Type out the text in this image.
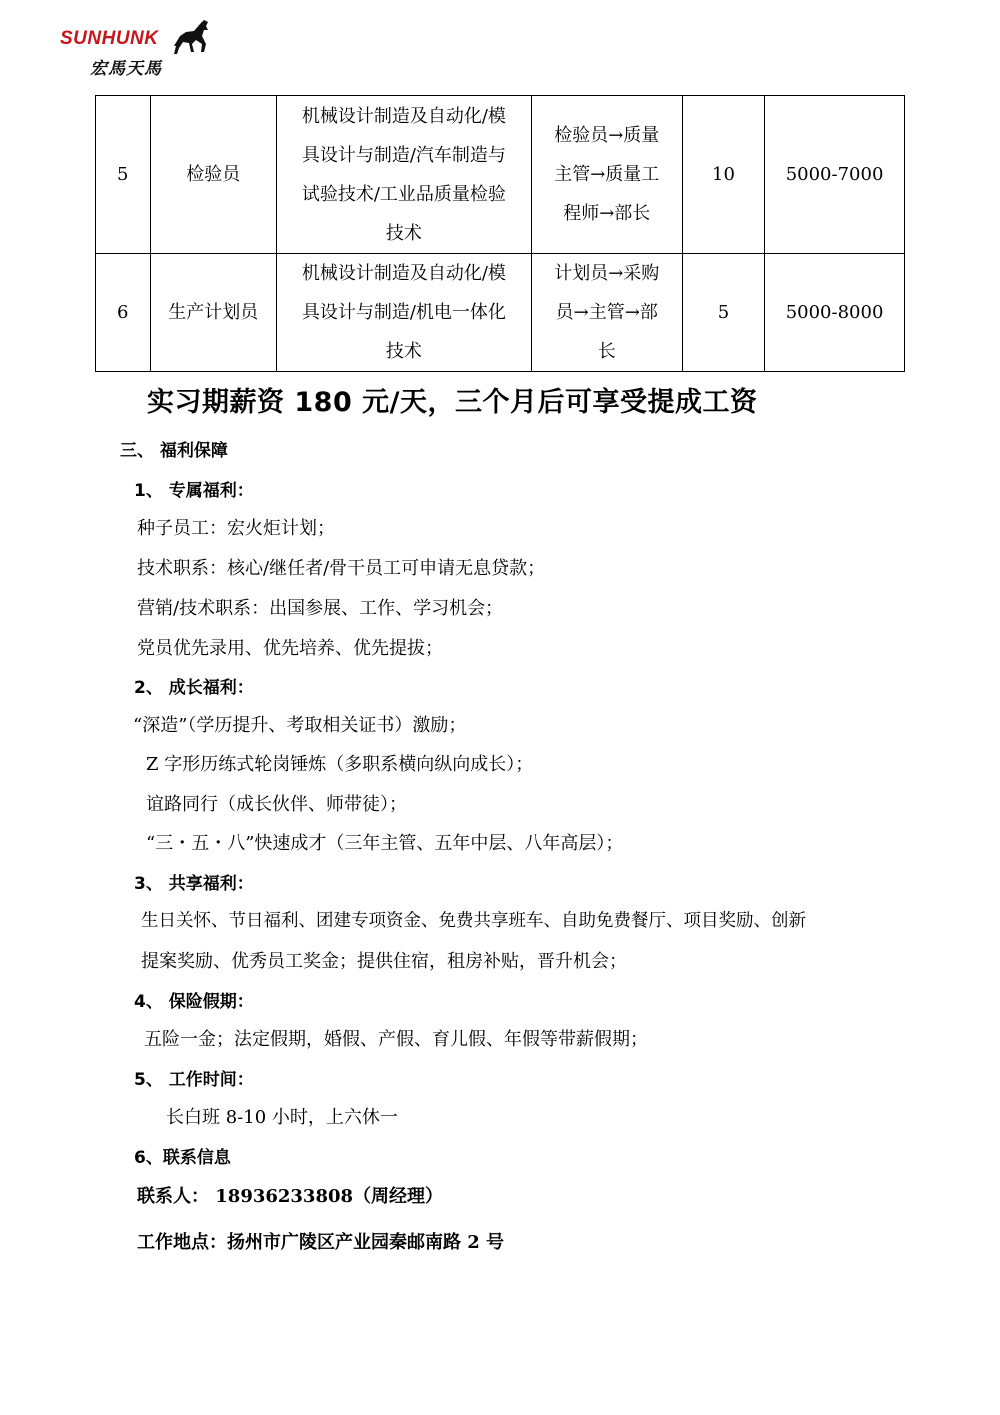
SUNHUNK
宏馬天馬
5	检验员	机械设计制造及自动化/模
具设计与制造/汽车制造与
试验技术/工业品质量检验
技术	检验员→质量
主管→质量工
程师→部长	10	5000-7000
6	生产计划员	机械设计制造及自动化/模
具设计与制造/机电一体化
技术	计划员→采购
员→主管→部
长	5	5000-8000
实习期薪资 180 元/天，三个月后可享受提成工资
三、 福利保障
1、 专属福利：
种子员工：宏火炬计划；
技术职系：核心/继任者/骨干员工可申请无息贷款；
营销/技术职系：出国参展、工作、学习机会；
党员优先录用、优先培养、优先提拔；
2、 成长福利：
“深造”（学历提升、考取相关证书）激励；
Z 字形历练式轮岗锤炼（多职系横向纵向成长）；
谊路同行（成长伙伴、师带徒）；
“三・五・八”快速成才（三年主管、五年中层、八年高层）；
3、 共享福利：
生日关怀、节日福利、团建专项资金、免费共享班车、自助免费餐厅、项目奖励、创新
提案奖励、优秀员工奖金；提供住宿，租房补贴，晋升机会；
4、 保险假期：
五险一金；法定假期，婚假、产假、育儿假、年假等带薪假期；
5、 工作时间：
长白班 8-10 小时，上六休一
6、联系信息
联系人： 18936233808（周经理）
工作地点：扬州市广陵区产业园秦邮南路 2 号
